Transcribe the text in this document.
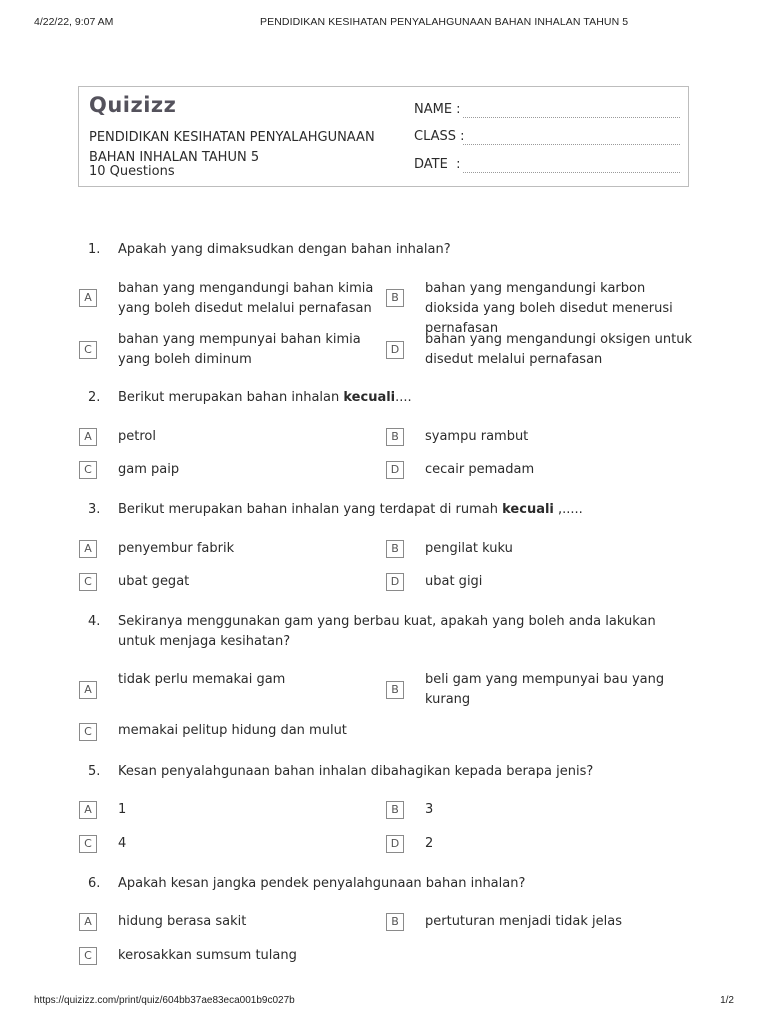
4/22/22, 9:07 AM	PENDIDIKAN KESIHATAN PENYALAHGUNAAN BAHAN INHALAN TAHUN 5
Quizizz
PENDIDIKAN KESIHATAN PENYALAHGUNAAN BAHAN INHALAN TAHUN 5
10 Questions
NAME :
CLASS :
DATE  :
1. Apakah yang dimaksudkan dengan bahan inhalan?
A
bahan yang mengandungi bahan kimia yang boleh disedut melalui pernafasan
B
bahan yang mengandungi karbon dioksida yang boleh disedut menerusi pernafasan
C
bahan yang mempunyai bahan kimia yang boleh diminum
D
bahan yang mengandungi oksigen untuk disedut melalui pernafasan
2. Berikut merupakan bahan inhalan kecuali....
A	petrol	B	syampu rambut
C	gam paip	D	cecair pemadam
3. Berikut merupakan bahan inhalan yang terdapat di rumah kecuali ,.....
A	penyembur fabrik	B	pengilat kuku
C	ubat gegat	D	ubat gigi
4. Sekiranya menggunakan gam yang berbau kuat, apakah yang boleh anda lakukan untuk menjaga kesihatan?
A
tidak perlu memakai gam
B
beli gam yang mempunyai bau yang kurang
C	memakai pelitup hidung dan mulut
5. Kesan penyalahgunaan bahan inhalan dibahagikan kepada berapa jenis?
A	1	B	3
C	4	D	2
6. Apakah kesan jangka pendek penyalahgunaan bahan inhalan?
A	hidung berasa sakit	B	pertuturan menjadi tidak jelas
C	kerosakkan sumsum tulang
https://quizizz.com/print/quiz/604bb37ae83eca001b9c027b	1/2
